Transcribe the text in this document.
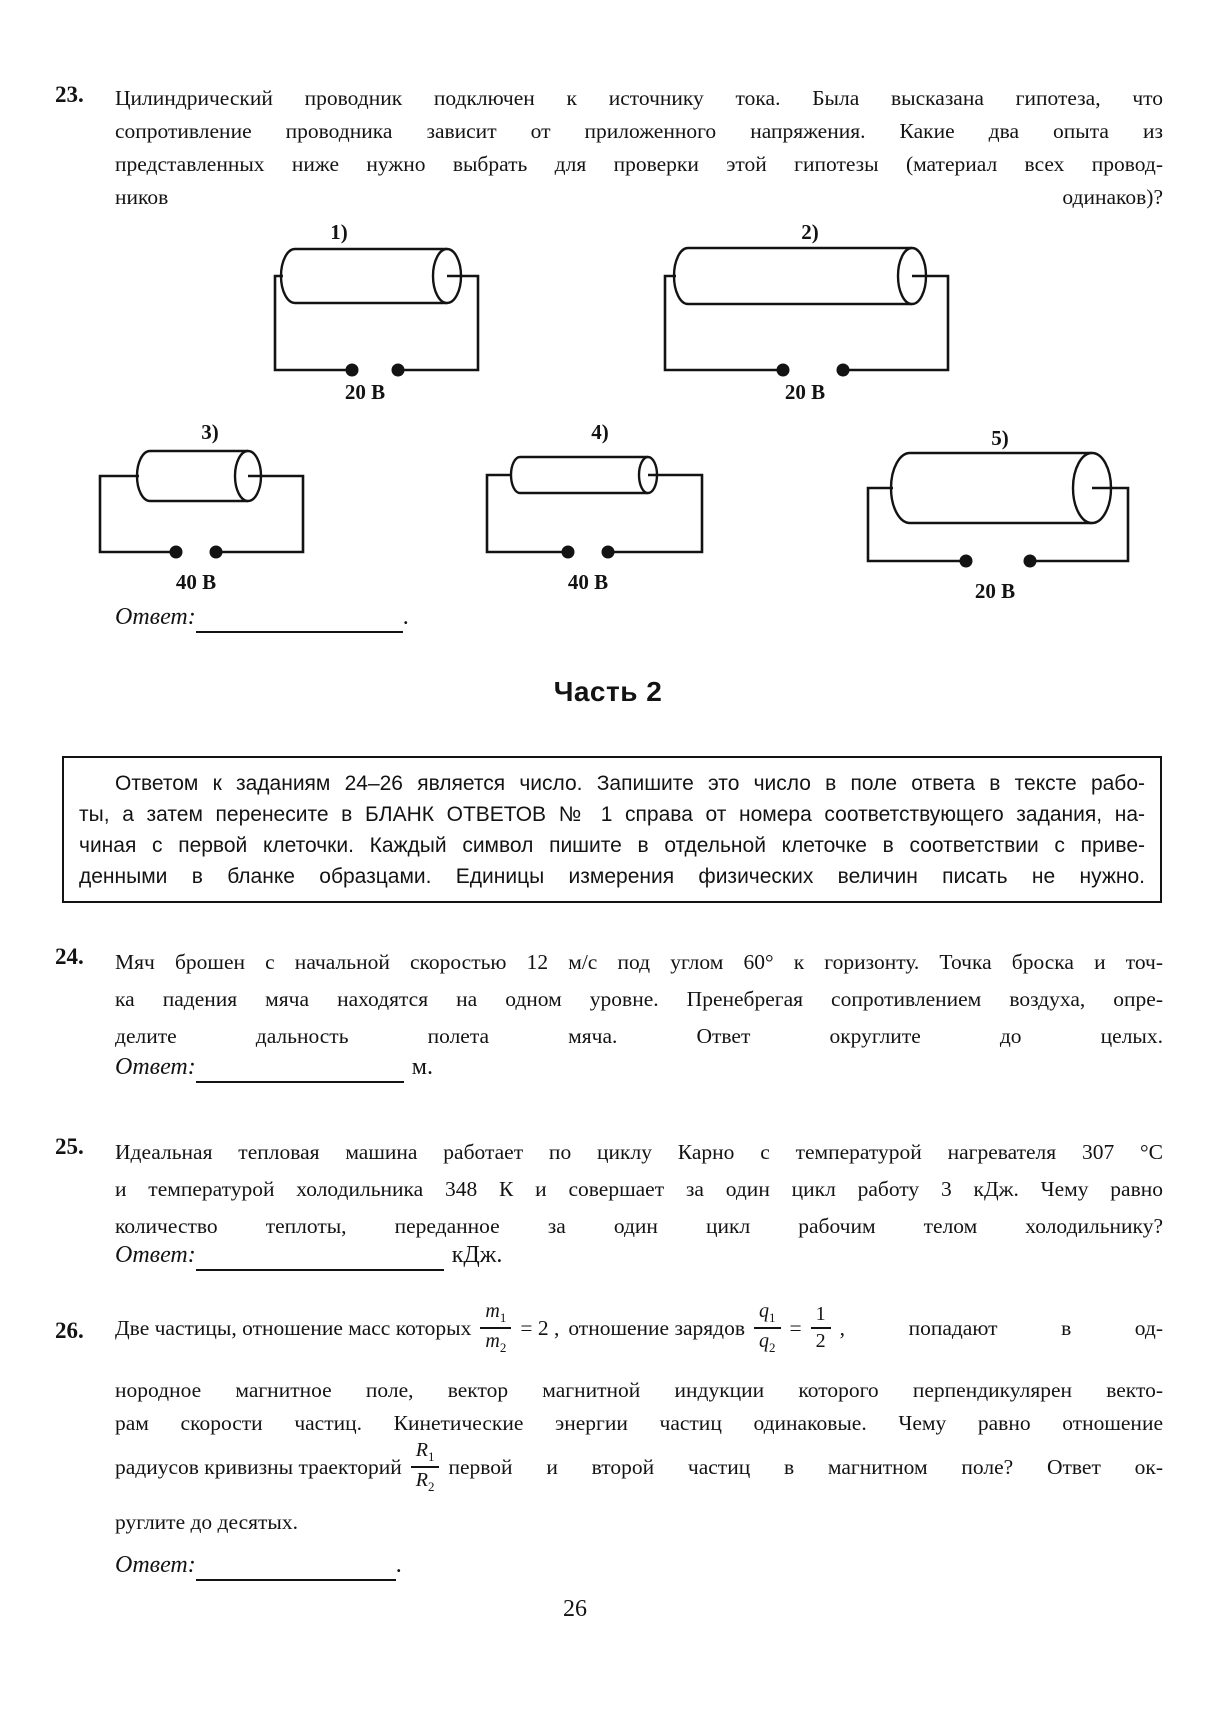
23. Цилиндрический проводник подключен к источнику тока. Была высказана гипотеза, что
сопротивление проводника зависит от приложенного напряжения. Какие два опыта из
представленных ниже нужно выбрать для проверки этой гипотезы (материал всех провод-
ников одинаков)?
1)
20 В
2)
20 В
3)
40 В
4)
40 В
5)
20 В
Ответ:
	.
Часть 2
Ответом к заданиям 24–26 является число. Запишите это число в поле ответа в тексте рабо-
ты, а затем перенесите в БЛАНК ОТВЕТОВ № 1 справа от номера соответствующего задания, на-
чиная с первой клеточки. Каждый символ пишите в отдельной клеточке в соответствии с приве-
денными в бланке образцами. Единицы измерения физических величин писать не нужно.
24. Мяч брошен с начальной скоростью 12 м/с под углом 60° к горизонту. Точка броска и точ-
ка падения мяча находятся на одном уровне. Пренебрегая сопротивлением воздуха, опре-
делите дальность полета мяча. Ответ округлите до целых.
Ответ:
	м.
25. Идеальная тепловая машина работает по циклу Карно с температурой нагревателя 307 °С
и температурой холодильника 348 К и совершает за один цикл работу 3 кДж. Чему равно
количество теплоты, переданное за один цикл рабочим телом холодильнику?
Ответ:
	кДж.
26. Две частицы, отношение масс которых $\frac{m_1}{m_2} = 2$ , отношение зарядов $\frac{q_1}{q_2} = \frac{1}{2}$ , попадают в од-
нородное магнитное поле, вектор магнитной индукции которого перпендикулярен векто-
рам скорости частиц. Кинетические энергии частиц одинаковые. Чему равно отношение
радиусов кривизны траекторий $\frac{R_1}{R_2}$ первой и второй частиц в магнитном поле? Ответ ок-
руглите до десятых.
Ответ:
	.
26
